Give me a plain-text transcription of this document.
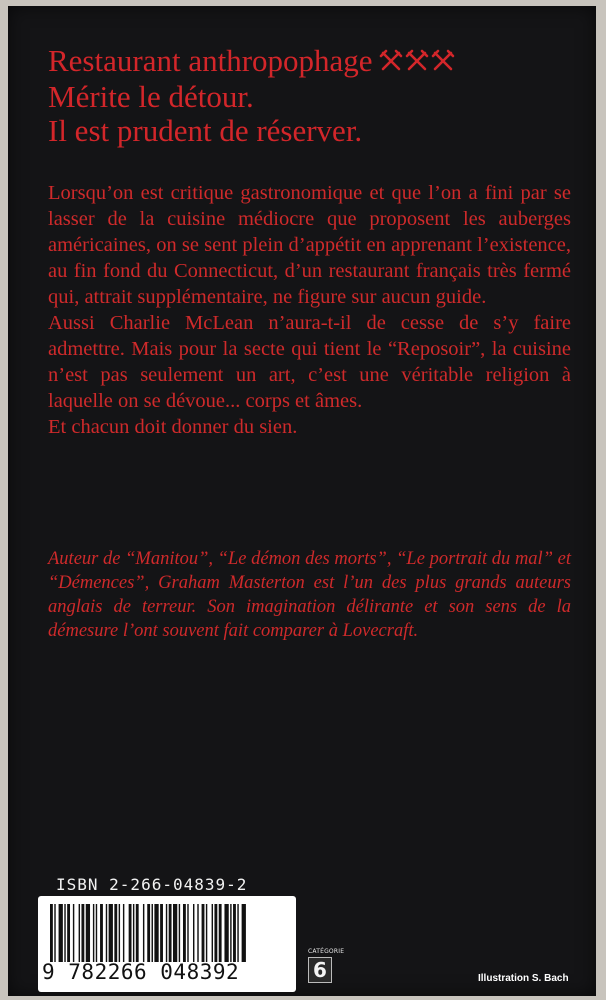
Restaurant anthropophage
Mérite le détour.
Il est prudent de réserver.

Lorsqu’on est critique gastronomique et que l’on a fini par se lasser de la cuisine médiocre que proposent les auberges américaines, on se sent plein d’appétit en apprenant l’existence, au fin fond du Connecticut, d’un restaurant français très fermé qui, attrait supplémentaire, ne figure sur aucun guide.

Aussi Charlie McLean n’aura-t-il de cesse de s’y faire admettre. Mais pour la secte qui tient le “Reposoir”, la cuisine n’est pas seulement un art, c’est une véritable religion à laquelle on se dévoue... corps et âmes.

Et chacun doit donner du sien.

Auteur de “Manitou”, “Le démon des morts”, “Le portrait du mal” et “Démences”, Graham Masterton est l’un des plus grands auteurs anglais de terreur. Son imagination délirante et son sens de la démesure l’ont souvent fait comparer à Lovecraft.
ISBN 2-266-04839-2
9 782266 048392
CATÉGORIE
6	Illustration S. Bach
